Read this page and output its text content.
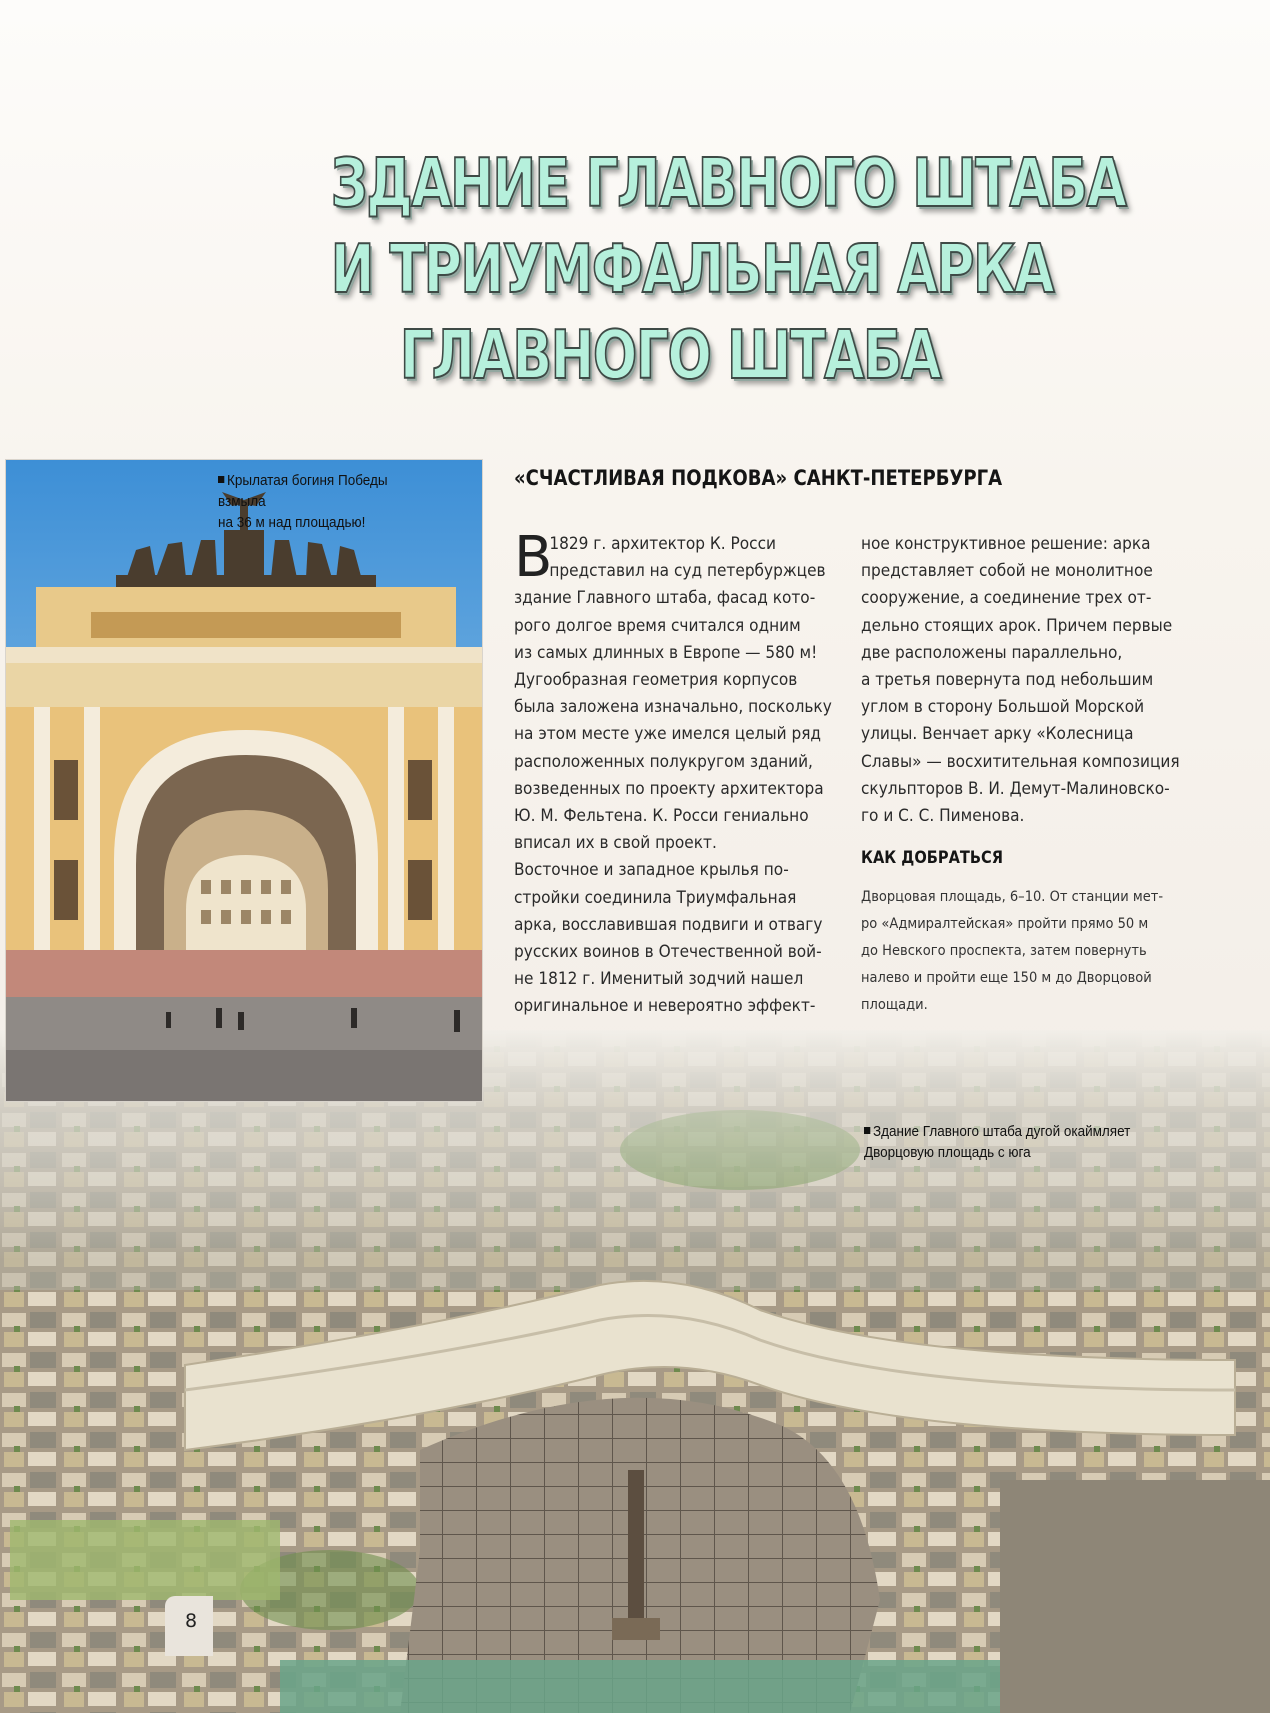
ЗДАНИЕ ГЛАВНОГО ШТАБА
И ТРИУМФАЛЬНАЯ АРКА
ГЛАВНОГО ШТАБА
Крылатая богиня Победы взмыла
на 36 м над площадью!
«СЧАСТЛИВАЯ ПОДКОВА» САНКТ-ПЕТЕРБУРГА
В
1829 г. архитектор К. Росси
представил на суд петербуржцев
здание Главного штаба, фасад кото-
рого долгое время считался одним
из самых длинных в Европе — 580 м!
Дугообразная геометрия корпусов
была заложена изначально, поскольку
на этом месте уже имелся целый ряд
расположенных полукругом зданий,
возведенных по проекту архитектора
Ю. М. Фельтена. К. Росси гениально
вписал их в свой проект.
Восточное и западное крылья по-
стройки соединила Триумфальная
арка, восславившая подвиги и отвагу
русских воинов в Отечественной вой-
не 1812 г. Именитый зодчий нашел
оригинальное и невероятно эффект-
ное конструктивное решение: арка
представляет собой не монолитное
сооружение, а соединение трех от-
дельно стоящих арок. Причем первые
две расположены параллельно,
а третья повернута под небольшим
углом в сторону Большой Морской
улицы. Венчает арку «Колесница
Славы» — восхитительная композиция
скульпторов В. И. Демут-Малиновско-
го и С. С. Пименова.
КАК ДОБРАТЬСЯ
Дворцовая площадь, 6–10. От станции мет-
ро «Адмиралтейская» пройти прямо 50 м
до Невского проспекта, затем повернуть
налево и пройти еще 150 м до Дворцовой
площади.
Здание Главного штаба дугой окаймляет
Дворцовую площадь с юга
8
